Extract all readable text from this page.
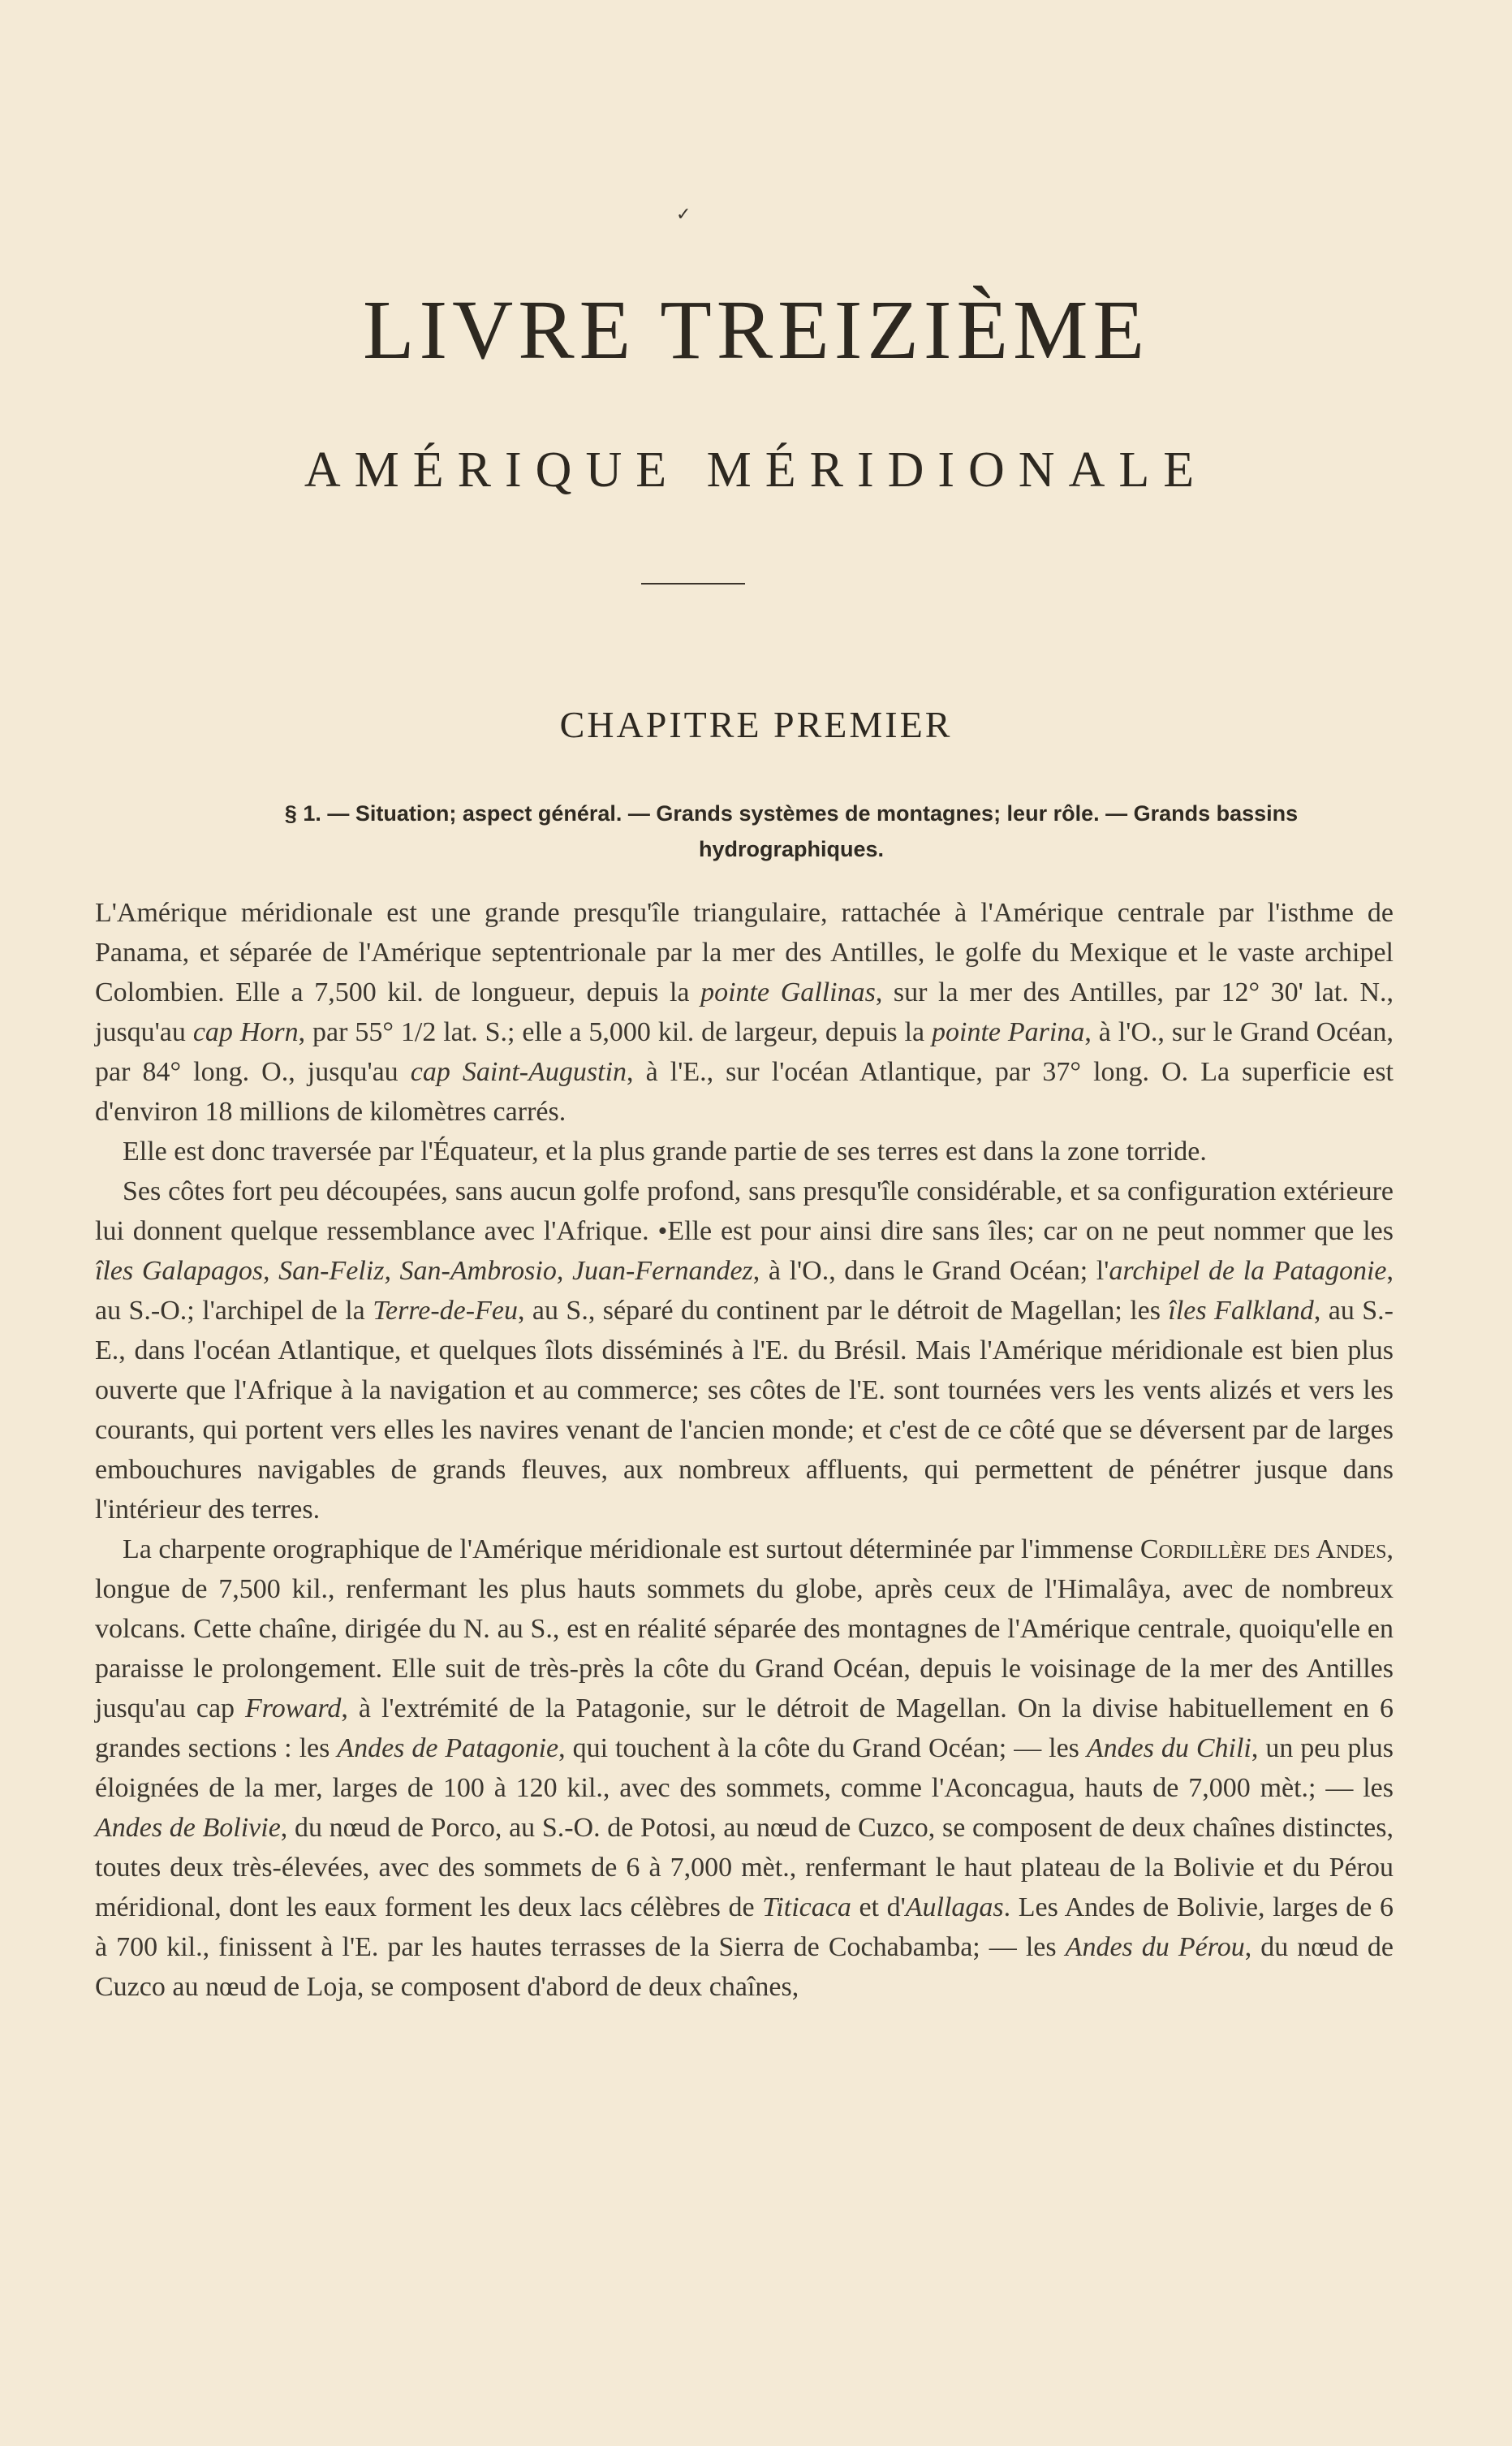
✓
LIVRE TREIZIÈME
AMÉRIQUE MÉRIDIONALE
CHAPITRE PREMIER
§ 1. — Situation; aspect général. — Grands systèmes de montagnes; leur rôle. — Grands bassins hydrographiques.

L'Amérique méridionale est une grande presqu'île triangulaire, rattachée à l'Amérique centrale par l'isthme de Panama, et séparée de l'Amérique septentrionale par la mer des Antilles, le golfe du Mexique et le vaste archipel Colombien. Elle a 7,500 kil. de longueur, depuis la pointe Gallinas, sur la mer des Antilles, par 12° 30' lat. N., jusqu'au cap Horn, par 55° 1/2 lat. S.; elle a 5,000 kil. de largeur, depuis la pointe Parina, à l'O., sur le Grand Océan, par 84° long. O., jusqu'au cap Saint-Augustin, à l'E., sur l'océan Atlantique, par 37° long. O. La superficie est d'environ 18 millions de kilomètres carrés.

Elle est donc traversée par l'Équateur, et la plus grande partie de ses terres est dans la zone torride.

Ses côtes fort peu découpées, sans aucun golfe profond, sans presqu'île considérable, et sa configuration extérieure lui donnent quelque ressemblance avec l'Afrique. •Elle est pour ainsi dire sans îles; car on ne peut nommer que les îles Galapagos, San-Feliz, San-Ambrosio, Juan-Fernandez, à l'O., dans le Grand Océan; l'archipel de la Patagonie, au S.-O.; l'archipel de la Terre-de-Feu, au S., séparé du continent par le détroit de Magellan; les îles Falkland, au S.-E., dans l'océan Atlantique, et quelques îlots disséminés à l'E. du Brésil. Mais l'Amérique méridionale est bien plus ouverte que l'Afrique à la navigation et au commerce; ses côtes de l'E. sont tournées vers les vents alizés et vers les courants, qui portent vers elles les navires venant de l'ancien monde; et c'est de ce côté que se déversent par de larges embouchures navigables de grands fleuves, aux nombreux affluents, qui permettent de pénétrer jusque dans l'intérieur des terres.

La charpente orographique de l'Amérique méridionale est surtout déterminée par l'immense Cordillère des Andes, longue de 7,500 kil., renfermant les plus hauts sommets du globe, après ceux de l'Himalâya, avec de nombreux volcans. Cette chaîne, dirigée du N. au S., est en réalité séparée des montagnes de l'Amérique centrale, quoiqu'elle en paraisse le prolongement. Elle suit de très-près la côte du Grand Océan, depuis le voisinage de la mer des Antilles jusqu'au cap Froward, à l'extrémité de la Patagonie, sur le détroit de Magellan. On la divise habituellement en 6 grandes sections : les Andes de Patagonie, qui touchent à la côte du Grand Océan; — les Andes du Chili, un peu plus éloignées de la mer, larges de 100 à 120 kil., avec des sommets, comme l'Aconcagua, hauts de 7,000 mèt.; — les Andes de Bolivie, du nœud de Porco, au S.-O. de Potosi, au nœud de Cuzco, se composent de deux chaînes distinctes, toutes deux très-élevées, avec des sommets de 6 à 7,000 mèt., renfermant le haut plateau de la Bolivie et du Pérou méridional, dont les eaux forment les deux lacs célèbres de Titicaca et d'Aullagas. Les Andes de Bolivie, larges de 6 à 700 kil., finissent à l'E. par les hautes terrasses de la Sierra de Cochabamba; — les Andes du Pérou, du nœud de Cuzco au nœud de Loja, se composent d'abord de deux chaînes,
